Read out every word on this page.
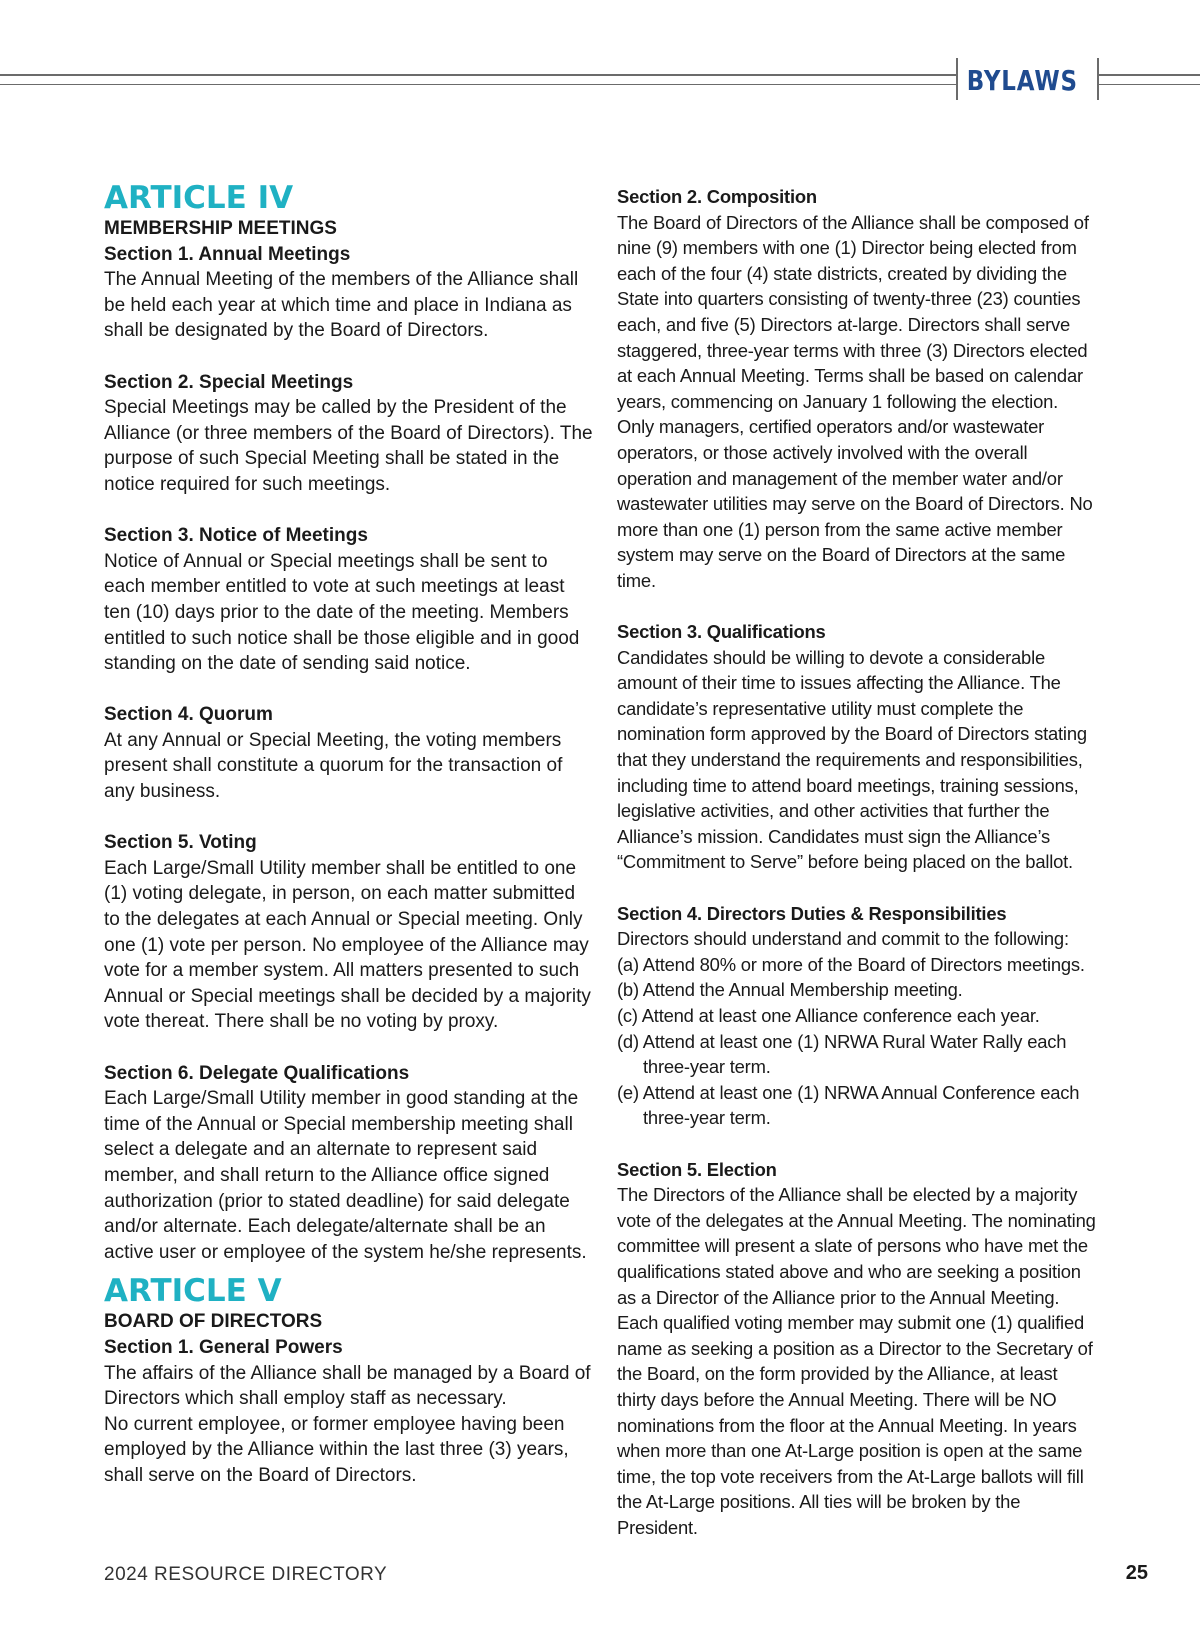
BYLAWS
ARTICLE IV

MEMBERSHIP MEETINGS

Section 1. Annual Meetings

The Annual Meeting of the members of the Alliance shall be held each year at which time and place in Indiana as shall be designated by the Board of Directors.

Section 2. Special Meetings

Special Meetings may be called by the President of the Alliance (or three members of the Board of Directors). The purpose of such Special Meeting shall be stated in the notice required for such meetings.

Section 3. Notice of Meetings

Notice of Annual or Special meetings shall be sent to each member entitled to vote at such meetings at least ten (10) days prior to the date of the meeting. Members entitled to such notice shall be those eligible and in good standing on the date of sending said notice.

Section 4. Quorum

At any Annual or Special Meeting, the voting members present shall constitute a quorum for the transaction of any business.

Section 5. Voting

Each Large/Small Utility member shall be entitled to one (1) voting delegate, in person, on each matter submitted to the delegates at each Annual or Special meeting. Only one (1) vote per person. No employee of the Alliance may vote for a member system. All matters presented to such Annual or Special meetings shall be decided by a majority vote thereat. There shall be no voting by proxy.

Section 6. Delegate Qualifications

Each Large/Small Utility member in good standing at the time of the Annual or Special membership meeting shall select a delegate and an alternate to represent said member, and shall return to the Alliance office signed authorization (prior to stated deadline) for said delegate and/or alternate. Each delegate/alternate shall be an active user or employee of the system he/she represents.

ARTICLE V

BOARD OF DIRECTORS

Section 1. General Powers

The affairs of the Alliance shall be managed by a Board of Directors which shall employ staff as necessary.

No current employee, or former employee having been employed by the Alliance within the last three (3) years, shall serve on the Board of Directors.

Section 2. Composition

The Board of Directors of the Alliance shall be composed of nine (9) members with one (1) Director being elected from each of the four (4) state districts, created by dividing the State into quarters consisting of twenty-three (23) counties each, and five (5) Directors at-large. Directors shall serve staggered, three-year terms with three (3) Directors elected at each Annual Meeting. Terms shall be based on calendar years, commencing on January 1 following the election. Only managers, certified operators and/or wastewater operators, or those actively involved with the overall operation and management of the member water and/or wastewater utilities may serve on the Board of Directors. No more than one (1) person from the same active member system may serve on the Board of Directors at the same time.

Section 3. Qualifications

Candidates should be willing to devote a considerable amount of their time to issues affecting the Alliance. The candidate’s representative utility must complete the nomination form approved by the Board of Directors stating that they understand the requirements and responsibilities, including time to attend board meetings, training sessions, legislative activities, and other activities that further the Alliance’s mission. Candidates must sign the Alliance’s “Commitment to Serve” before being placed on the ballot.

Section 4. Directors Duties & Responsibilities

Directors should understand and commit to the following:

(a) Attend 80% or more of the Board of Directors meetings.

(b) Attend the Annual Membership meeting.

(c) Attend at least one Alliance conference each year.

(d) Attend at least one (1) NRWA Rural Water Rally each three-year term.

(e) Attend at least one (1) NRWA Annual Conference each three-year term.

Section 5. Election

The Directors of the Alliance shall be elected by a majority vote of the delegates at the Annual Meeting. The nominating committee will present a slate of persons who have met the qualifications stated above and who are seeking a position as a Director of the Alliance prior to the Annual Meeting. Each qualified voting member may submit one (1) qualified name as seeking a position as a Director to the Secretary of the Board, on the form provided by the Alliance, at least thirty days before the Annual Meeting. There will be NO nominations from the floor at the Annual Meeting. In years when more than one At-Large position is open at the same time, the top vote receivers from the At-Large ballots will fill the At-Large positions. All ties will be broken by the President.

2024 RESOURCE DIRECTORY	25
